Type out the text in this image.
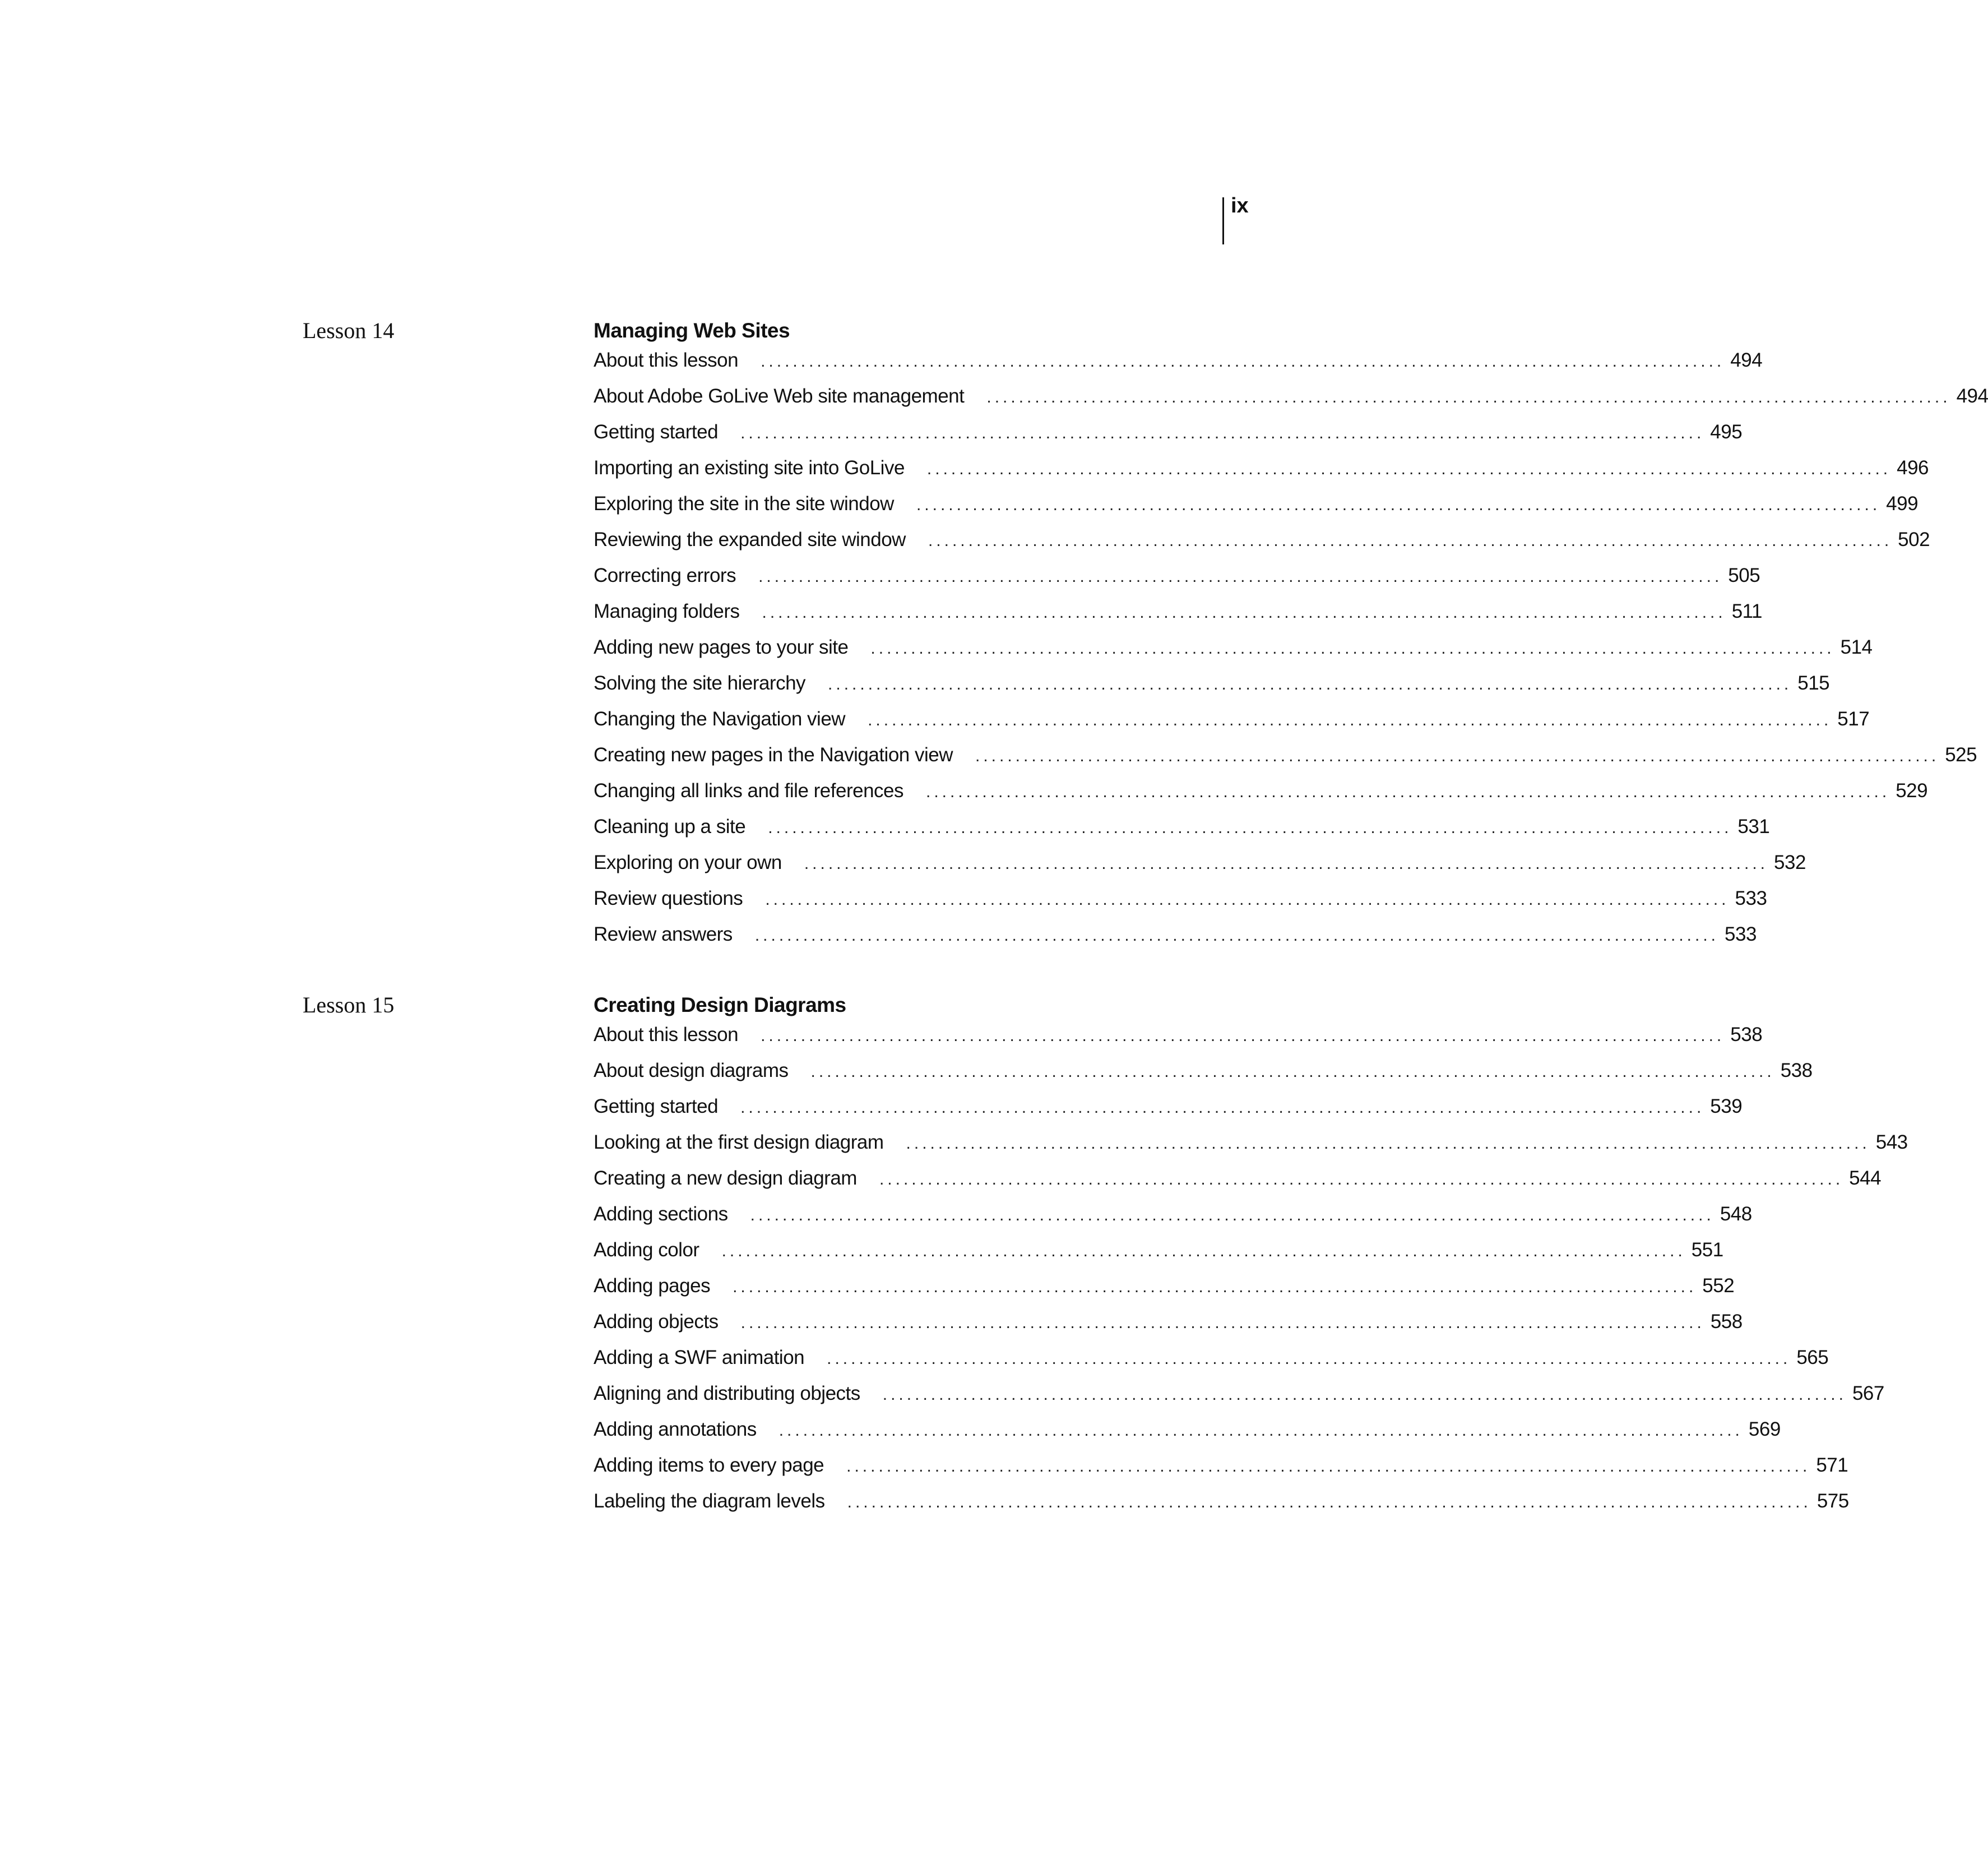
ix
Lesson 14	Managing Web Sites
About this lesson ........................................................................................................................ 494
About Adobe GoLive Web site management ........................................................................................................................ 494
Getting started ........................................................................................................................ 495
Importing an existing site into GoLive ........................................................................................................................ 496
Exploring the site in the site window ........................................................................................................................ 499
Reviewing the expanded site window ........................................................................................................................ 502
Correcting errors ........................................................................................................................ 505
Managing folders ........................................................................................................................ 511
Adding new pages to your site ........................................................................................................................ 514
Solving the site hierarchy ........................................................................................................................ 515
Changing the Navigation view ........................................................................................................................ 517
Creating new pages in the Navigation view ........................................................................................................................ 525
Changing all links and file references ........................................................................................................................ 529
Cleaning up a site ........................................................................................................................ 531
Exploring on your own ........................................................................................................................ 532
Review questions ........................................................................................................................ 533
Review answers ........................................................................................................................ 533
Lesson 15	Creating Design Diagrams
About this lesson ........................................................................................................................ 538
About design diagrams ........................................................................................................................ 538
Getting started ........................................................................................................................ 539
Looking at the first design diagram ........................................................................................................................ 543
Creating a new design diagram ........................................................................................................................ 544
Adding sections ........................................................................................................................ 548
Adding color ........................................................................................................................ 551
Adding pages ........................................................................................................................ 552
Adding objects ........................................................................................................................ 558
Adding a SWF animation ........................................................................................................................ 565
Aligning and distributing objects ........................................................................................................................ 567
Adding annotations ........................................................................................................................ 569
Adding items to every page ........................................................................................................................ 571
Labeling the diagram levels ........................................................................................................................ 575
